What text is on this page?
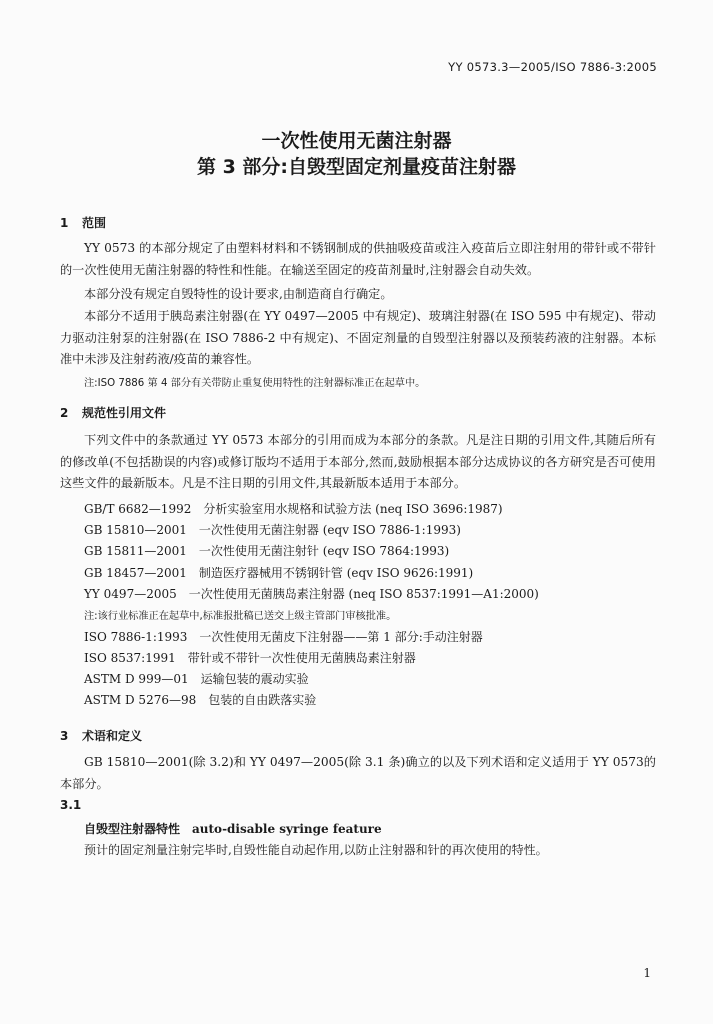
YY 0573.3—2005/ISO 7886-3:2005
一次性使用无菌注射器
第 3 部分:自毁型固定剂量疫苗注射器
1 范围

YY 0573 的本部分规定了由塑料材料和不锈钢制成的供抽吸疫苗或注入疫苗后立即注射用的带针或不带针的一次性使用无菌注射器的特性和性能。在输送至固定的疫苗剂量时,注射器会自动失效。

本部分没有规定自毁特性的设计要求,由制造商自行确定。

本部分不适用于胰岛素注射器(在 YY 0497—2005 中有规定)、玻璃注射器(在 ISO 595 中有规定)、带动力驱动注射泵的注射器(在 ISO 7886-2 中有规定)、不固定剂量的自毁型注射器以及预装药液的注射器。本标准中未涉及注射药液/疫苗的兼容性。

注:ISO 7886 第 4 部分有关带防止重复使用特性的注射器标准正在起草中。
2 规范性引用文件

下列文件中的条款通过 YY 0573 本部分的引用而成为本部分的条款。凡是注日期的引用文件,其随后所有的修改单(不包括勘误的内容)或修订版均不适用于本部分,然而,鼓励根据本部分达成协议的各方研究是否可使用这些文件的最新版本。凡是不注日期的引用文件,其最新版本适用于本部分。

GB/T 6682—1992　分析实验室用水规格和试验方法 (neq ISO 3696:1987)
GB 15810—2001　一次性使用无菌注射器 (eqv ISO 7886-1:1993)
GB 15811—2001　一次性使用无菌注射针 (eqv ISO 7864:1993)
GB 18457—2001　制造医疗器械用不锈钢针管 (eqv ISO 9626:1991)
YY 0497—2005　一次性使用无菌胰岛素注射器 (neq ISO 8537:1991—A1:2000)
注:该行业标准正在起草中,标准报批稿已送交上级主管部门审核批准。
ISO 7886-1:1993　一次性使用无菌皮下注射器——第 1 部分:手动注射器
ISO 8537:1991　带针或不带针一次性使用无菌胰岛素注射器
ASTM D 999—01　运输包装的震动实验
ASTM D 5276—98　包装的自由跌落实验
3 术语和定义

GB 15810—2001(除 3.2)和 YY 0497—2005(除 3.1 条)确立的以及下列术语和定义适用于 YY 0573的本部分。

3.1
自毁型注射器特性 auto-disable syringe feature
预计的固定剂量注射完毕时,自毁性能自动起作用,以防止注射器和针的再次使用的特性。
1
